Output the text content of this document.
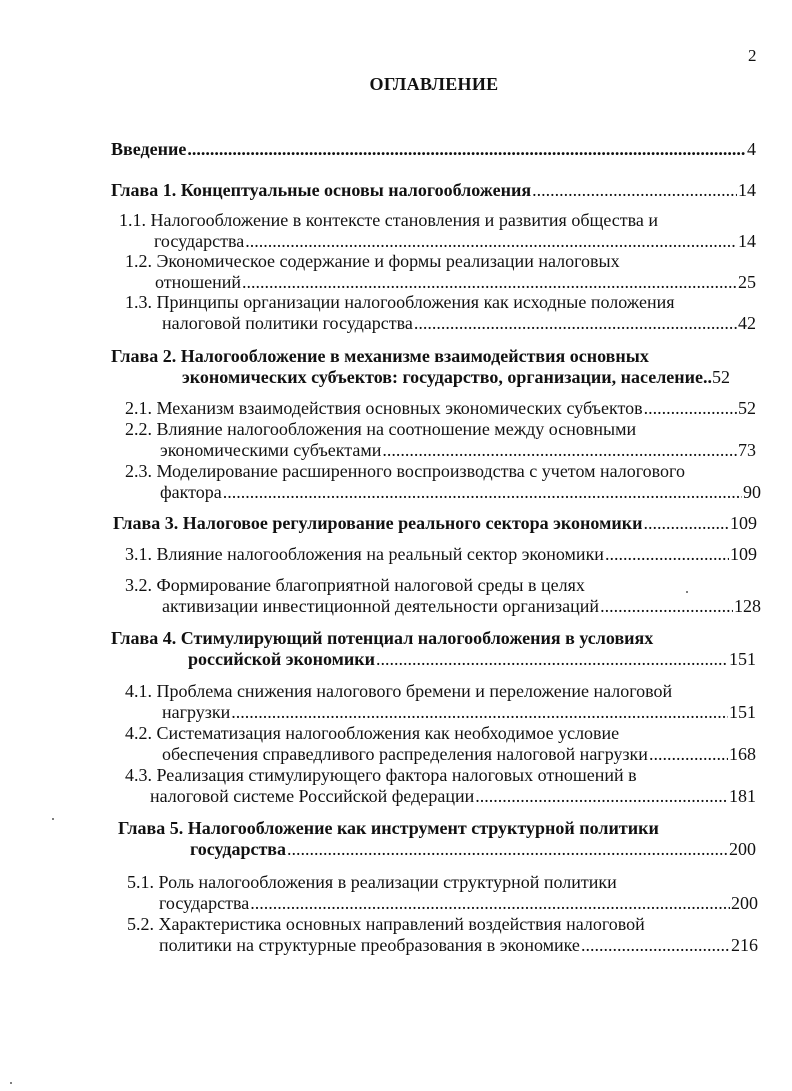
2
ОГЛАВЛЕНИЕ
Введение .....	4
Глава 1. Концептуальные основы налогообложения .....	14
1.1. Налогообложение в контексте становления и развития общества и
государства .....	14
1.2. Экономическое содержание и формы реализации налоговых
отношений .....	25
1.3. Принципы организации налогообложения как исходные положения
налоговой политики государства .....	42
Глава 2. Налогообложение в механизме взаимодействия основных
экономических субъектов: государство, организации, население .. 52
2.1. Механизм взаимодействия основных экономических субъектов .....	52
2.2. Влияние налогообложения на соотношение между основными
экономическими субъектами .....	73
2.3. Моделирование расширенного воспроизводства с учетом налогового
фактора .....	90
Глава 3. Налоговое регулирование реального сектора экономики .....	109
3.1. Влияние налогообложения на реальный сектор экономики .....	109
3.2. Формирование благоприятной налоговой среды в целях
активизации инвестиционной деятельности организаций .....	128
Глава 4. Стимулирующий потенциал налогообложения в условиях
российской экономики .....	151
4.1. Проблема снижения налогового бремени и переложение налоговой
нагрузки .....	151
4.2. Систематизация налогообложения как необходимое условие
обеспечения справедливого распределения налоговой нагрузки .....	168
4.3. Реализация стимулирующего фактора налоговых отношений в
налоговой системе Российской федерации .....	181
Глава 5. Налогообложение как инструмент структурной политики
государства .....	200
5.1. Роль налогообложения в реализации структурной политики
государства .....	200
5.2. Характеристика основных направлений воздействия налоговой
политики на структурные преобразования в экономике .....	216
